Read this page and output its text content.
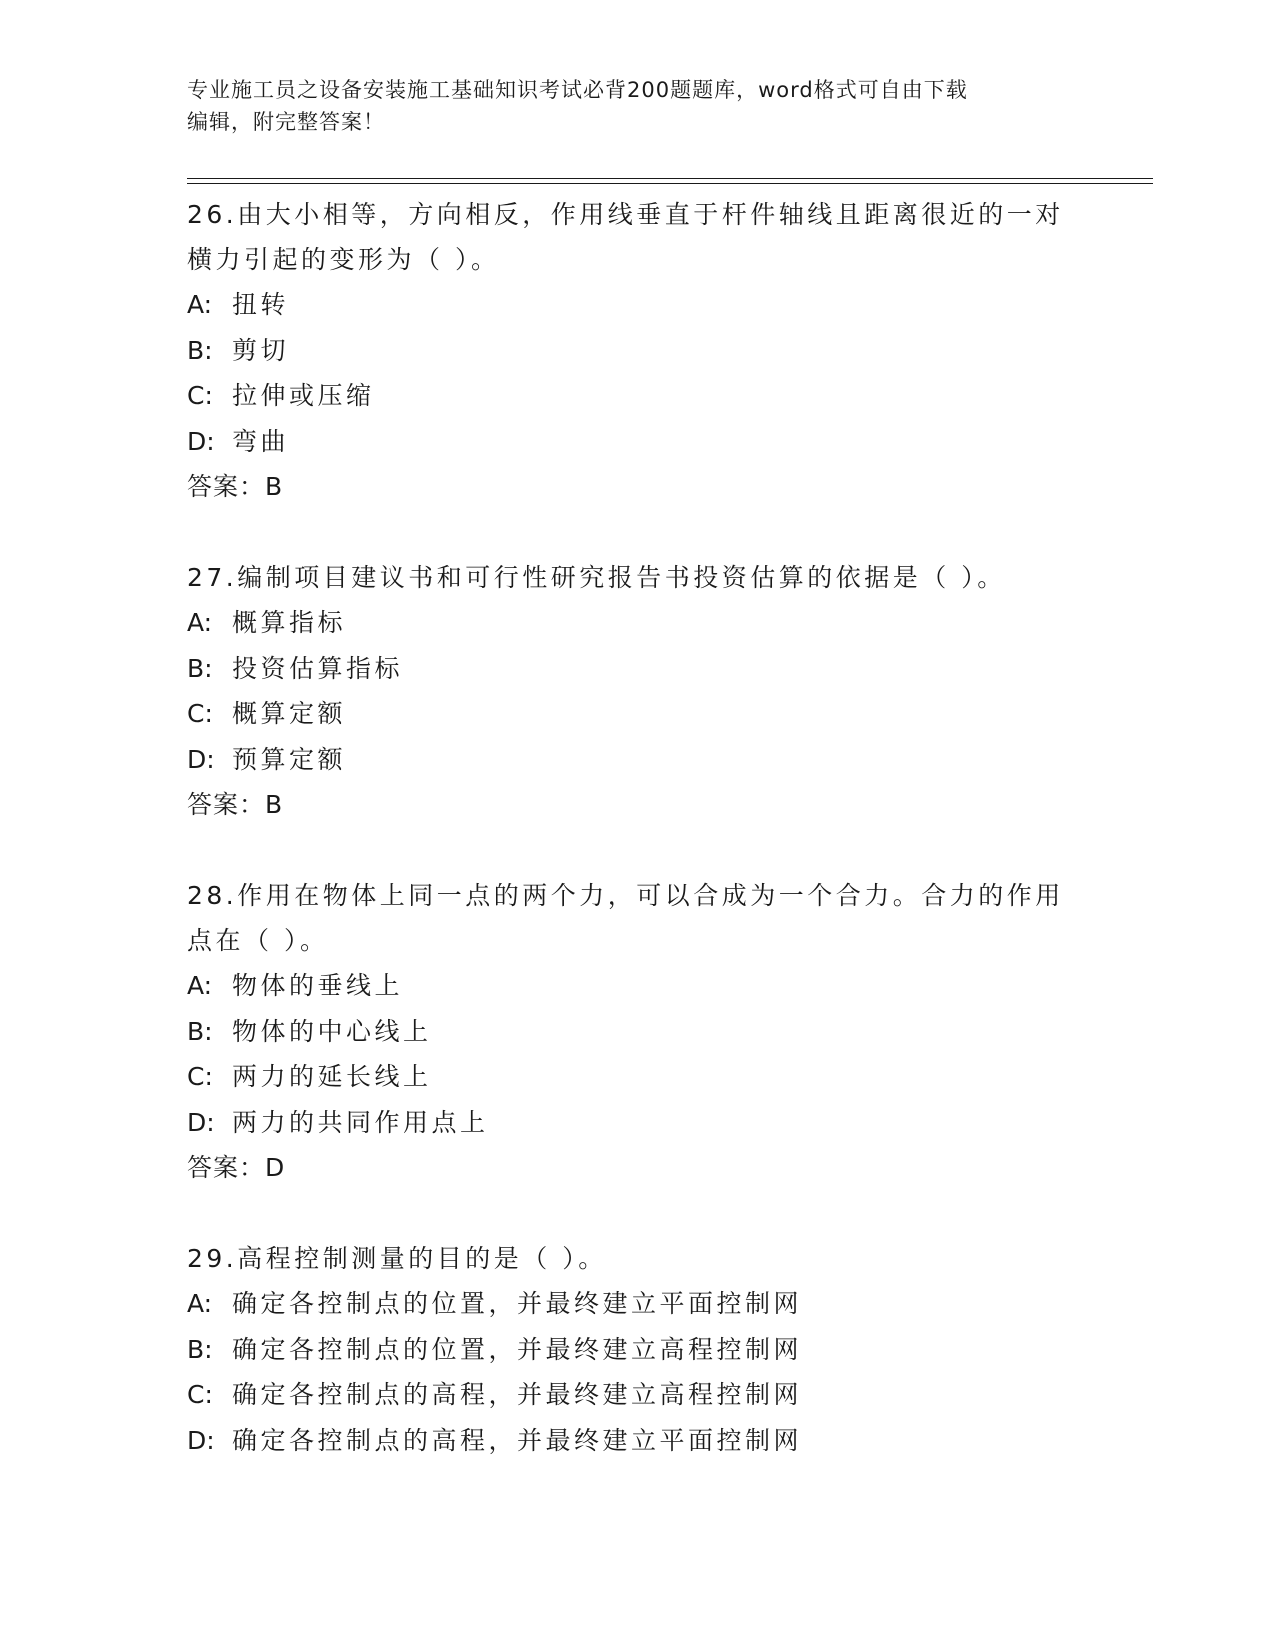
专业施工员之设备安装施工基础知识考试必背200题题库，word格式可自由下载
编辑，附完整答案！
26.由大小相等，方向相反，作用线垂直于杆件轴线且距离很近的一对
横力引起的变形为（ ）。
A: 扭转
B: 剪切
C: 拉伸或压缩
D: 弯曲
答案：B
27.编制项目建议书和可行性研究报告书投资估算的依据是（ ）。
A: 概算指标
B: 投资估算指标
C: 概算定额
D: 预算定额
答案：B
28.作用在物体上同一点的两个力，可以合成为一个合力。合力的作用
点在（ ）。
A: 物体的垂线上
B: 物体的中心线上
C: 两力的延长线上
D: 两力的共同作用点上
答案：D
29.高程控制测量的目的是（ ）。
A: 确定各控制点的位置，并最终建立平面控制网
B: 确定各控制点的位置，并最终建立高程控制网
C: 确定各控制点的高程，并最终建立高程控制网
D: 确定各控制点的高程，并最终建立平面控制网
